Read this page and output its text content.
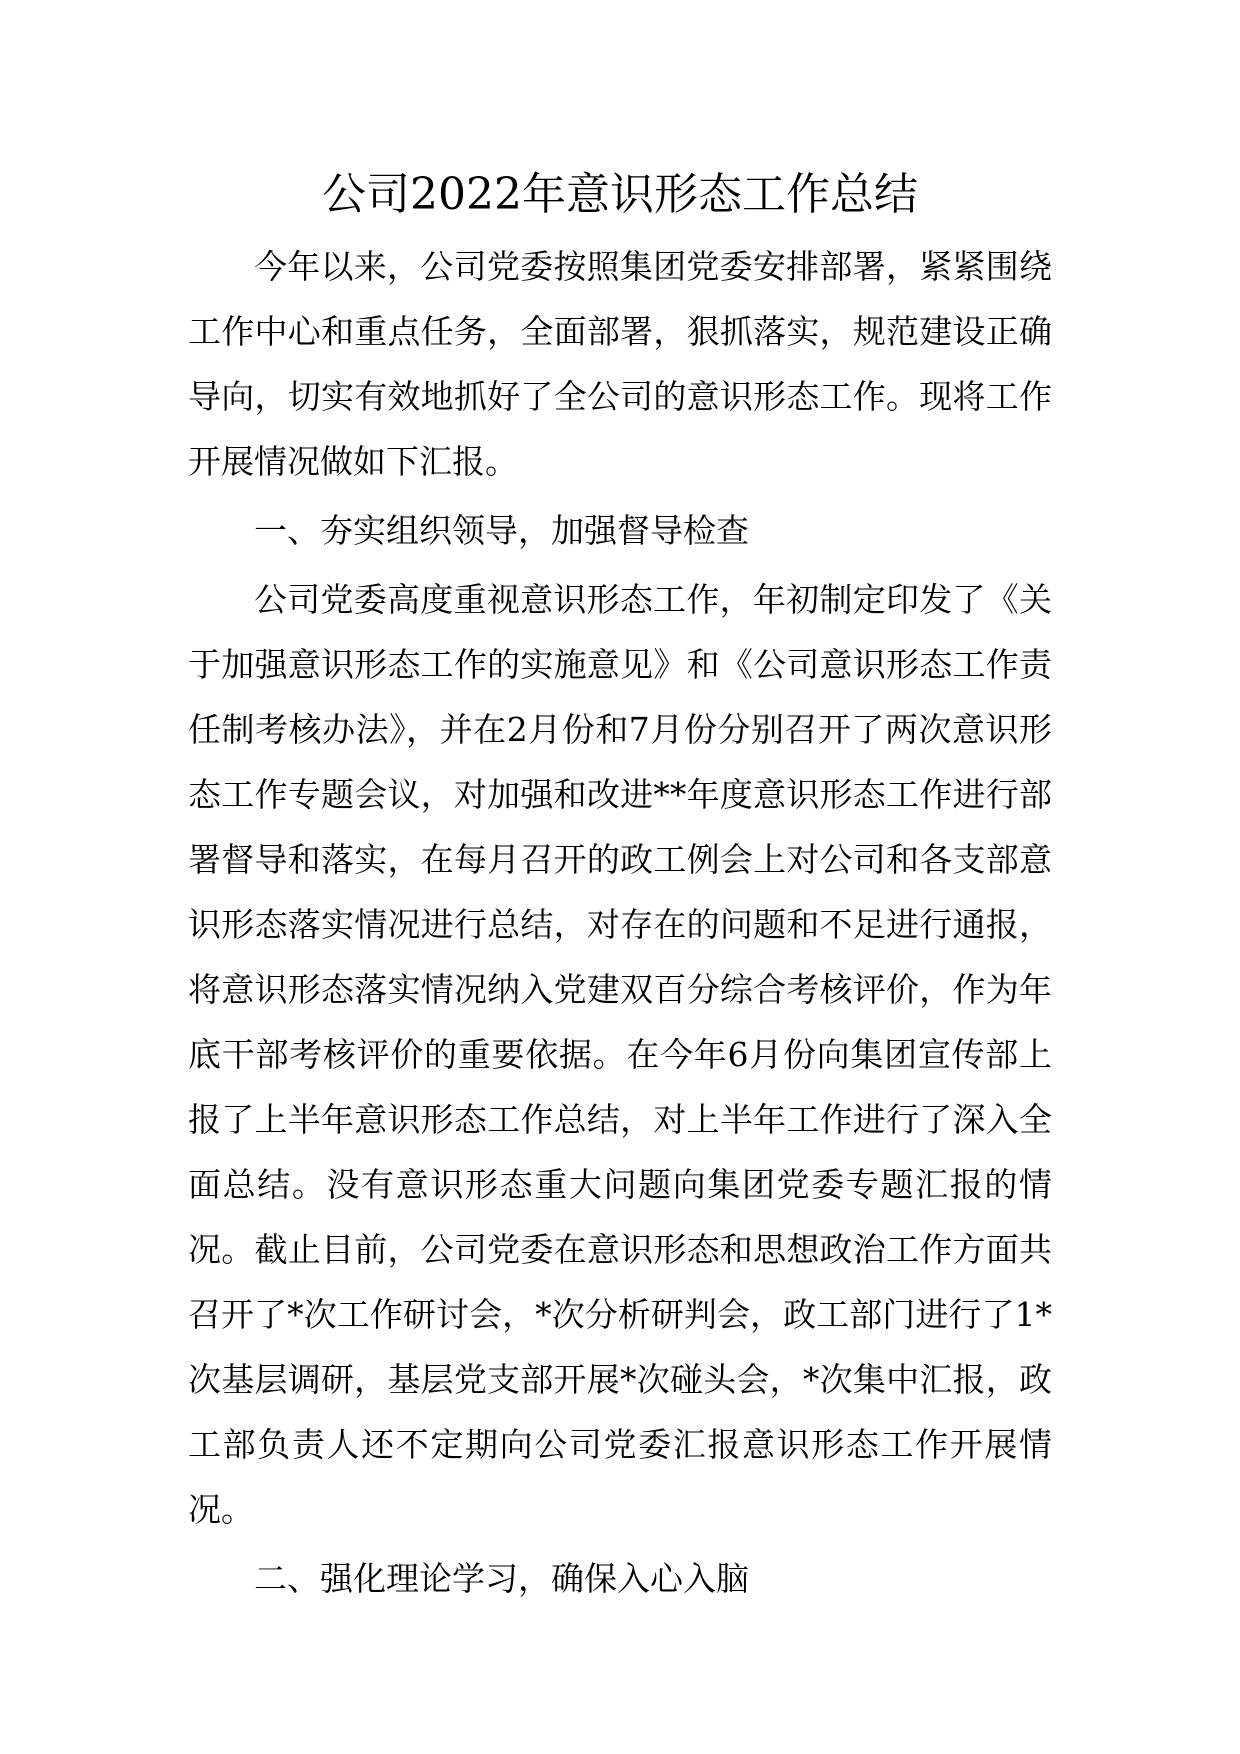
公司2022年意识形态工作总结

今年以来，公司党委按照集团党委安排部署，紧紧围绕工作中心和重点任务，全面部署，狠抓落实，规范建设正确导向，切实有效地抓好了全公司的意识形态工作。现将工作开展情况做如下汇报。

一、夯实组织领导，加强督导检查

公司党委高度重视意识形态工作，年初制定印发了《关于加强意识形态工作的实施意见》和《公司意识形态工作责任制考核办法》，并在2月份和7月份分别召开了两次意识形态工作专题会议，对加强和改进**年度意识形态工作进行部署督导和落实，在每月召开的政工例会上对公司和各支部意识形态落实情况进行总结，对存在的问题和不足进行通报，将意识形态落实情况纳入党建双百分综合考核评价，作为年底干部考核评价的重要依据。在今年6月份向集团宣传部上报了上半年意识形态工作总结，对上半年工作进行了深入全面总结。没有意识形态重大问题向集团党委专题汇报的情况。截止目前，公司党委在意识形态和思想政治工作方面共召开了*次工作研讨会，*次分析研判会，政工部门进行了1*次基层调研，基层党支部开展*次碰头会，*次集中汇报，政工部负责人还不定期向公司党委汇报意识形态工作开展情况。

二、强化理论学习，确保入心入脑
